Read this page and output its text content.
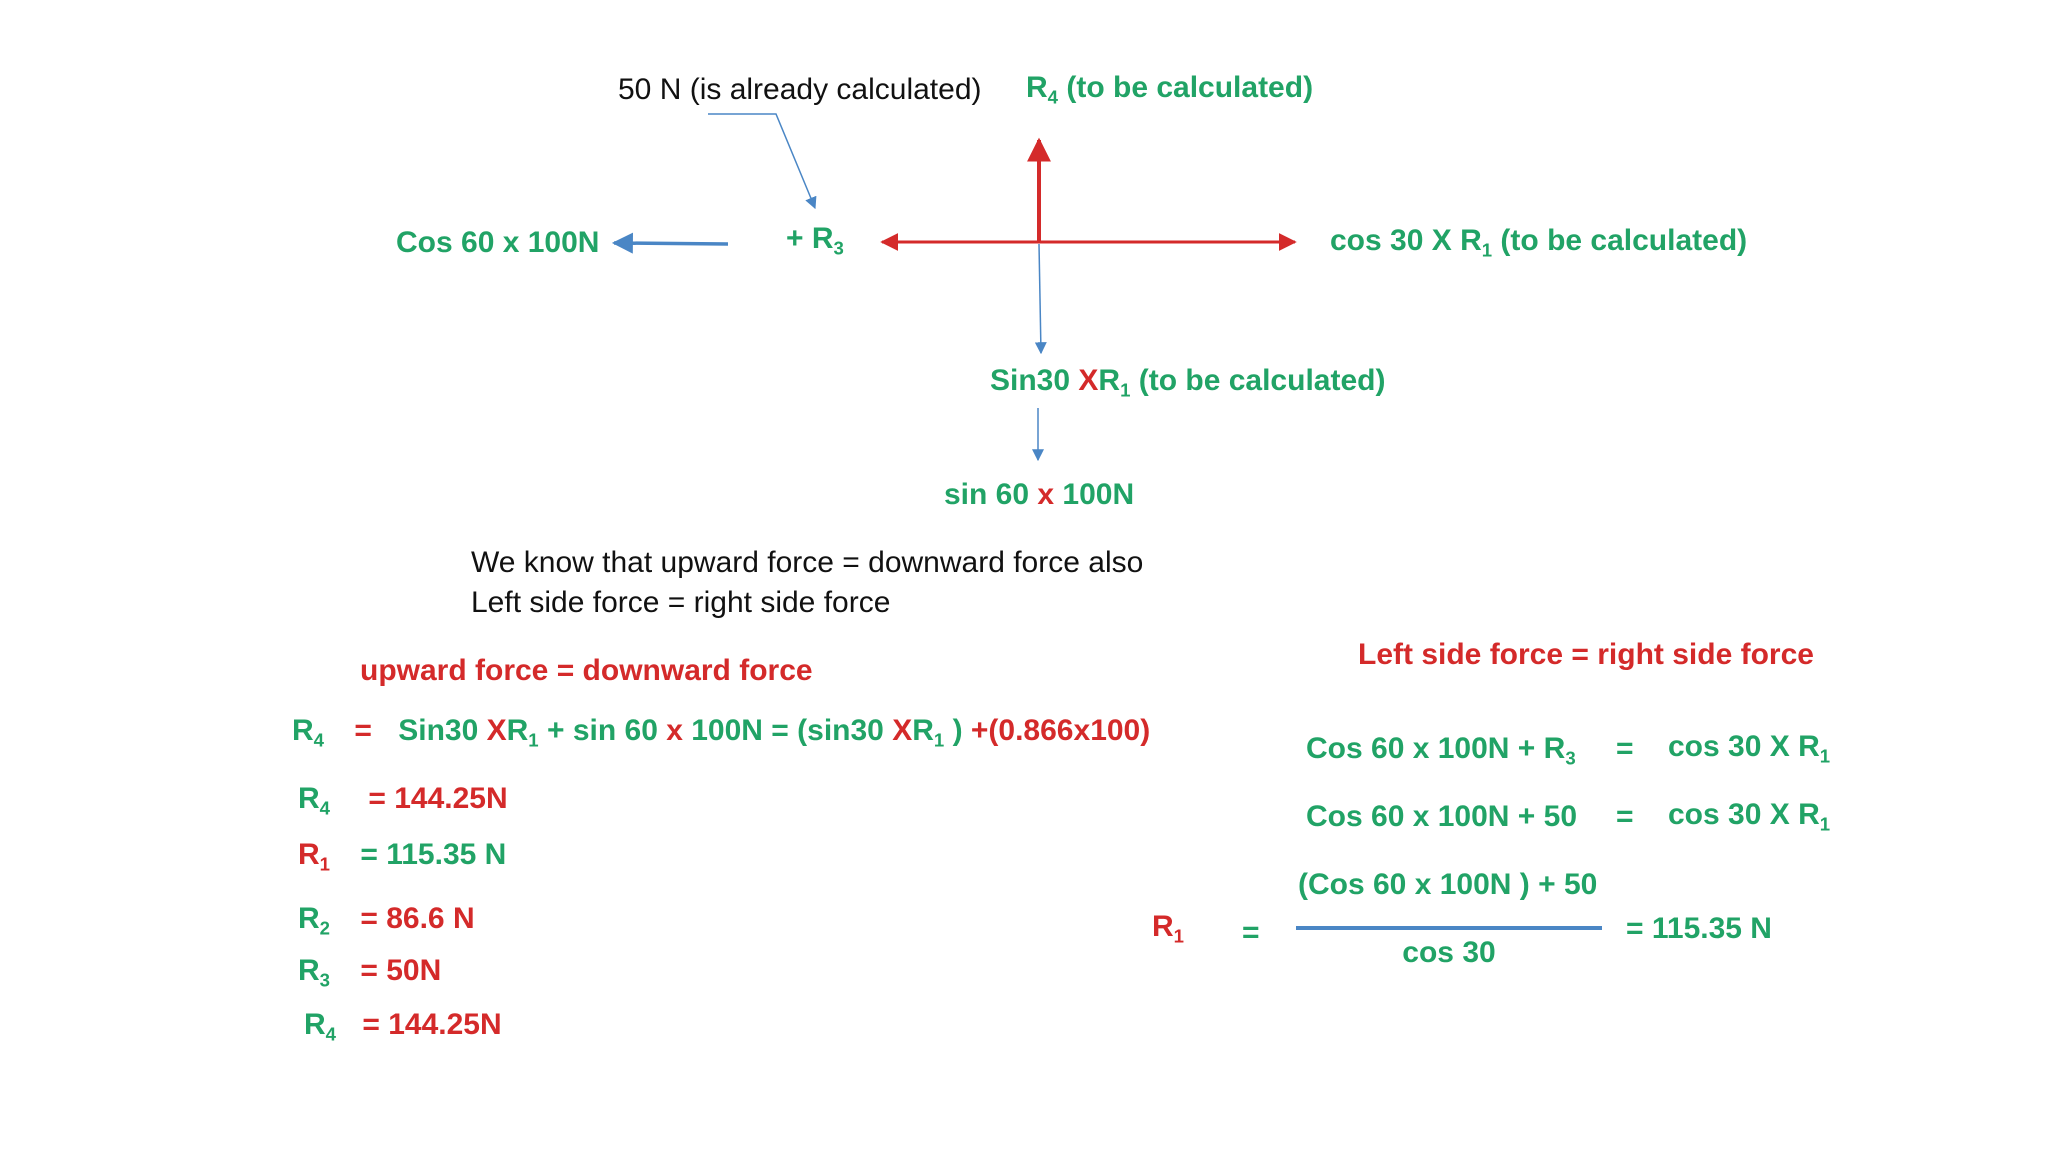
50 N (is already calculated) $R_4$ (to be calculated)
Cos 60 x 100N	+ $R_3$	cos 30 X $R_1$ (to be calculated)
Sin30 $XR_1$ (to be calculated)
sin 60 x 100N
We know that upward force = downward force also
Left side force = right side force
upward force = downward force
$R_4 = Sin30$ $XR_1 + \sin 60$ x 100N = (sin30 $XR_1$ ) +(0.866x100)
$R_4 = 144.25N$
$R_1 = 115.35$ N
$R_2 = 86.6$ N
$R_3 = 50N$
$R_4 = 144.25N$
Left side force = right side force
Cos 60 x $100N + R_3 = \cos 30$ X $R_1$
Cos 60 x 100N + 50 = cos 30 X $R_1$
$R_1$ =
(Cos 60 x 100N ) + 50
cos 30
= 115.35 N
